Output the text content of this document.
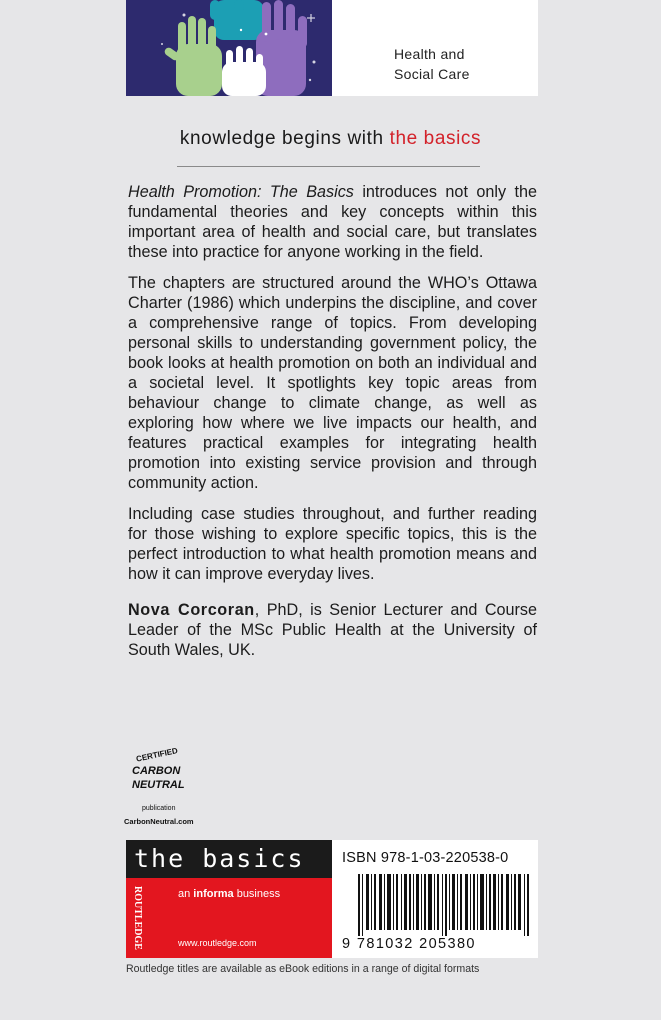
Health and
Social Care
knowledge begins with the basics

Health Promotion: The Basics introduces not only the fundamental theories and key concepts within this important area of health and social care, but translates these into practice for anyone working in the field.

The chapters are structured around the WHO’s Ottawa Charter (1986) which underpins the discipline, and cover a comprehensive range of topics. From developing personal skills to understanding government policy, the book looks at health promotion on both an individual and a societal level. It spotlights key topic areas from behaviour change to climate change, as well as exploring how where we live impacts our health, and features practical examples for integrating health promotion into existing service provision and through community action.

Including case studies throughout, and further reading for those wishing to explore specific topics, this is the perfect introduction to what health promotion means and how it can improve everyday lives.

Nova Corcoran, PhD, is Senior Lecturer and Course Leader of the MSc Public Health at the University of South Wales, UK.

CERTIFIED
CARBON
NEUTRAL
publication
CarbonNeutral.com
the basics
ROUTLEDGE	an informa business
www.routledge.com
ISBN 978-1-03-220538-0
9 781032 205380
Routledge titles are available as eBook editions in a range of digital formats
